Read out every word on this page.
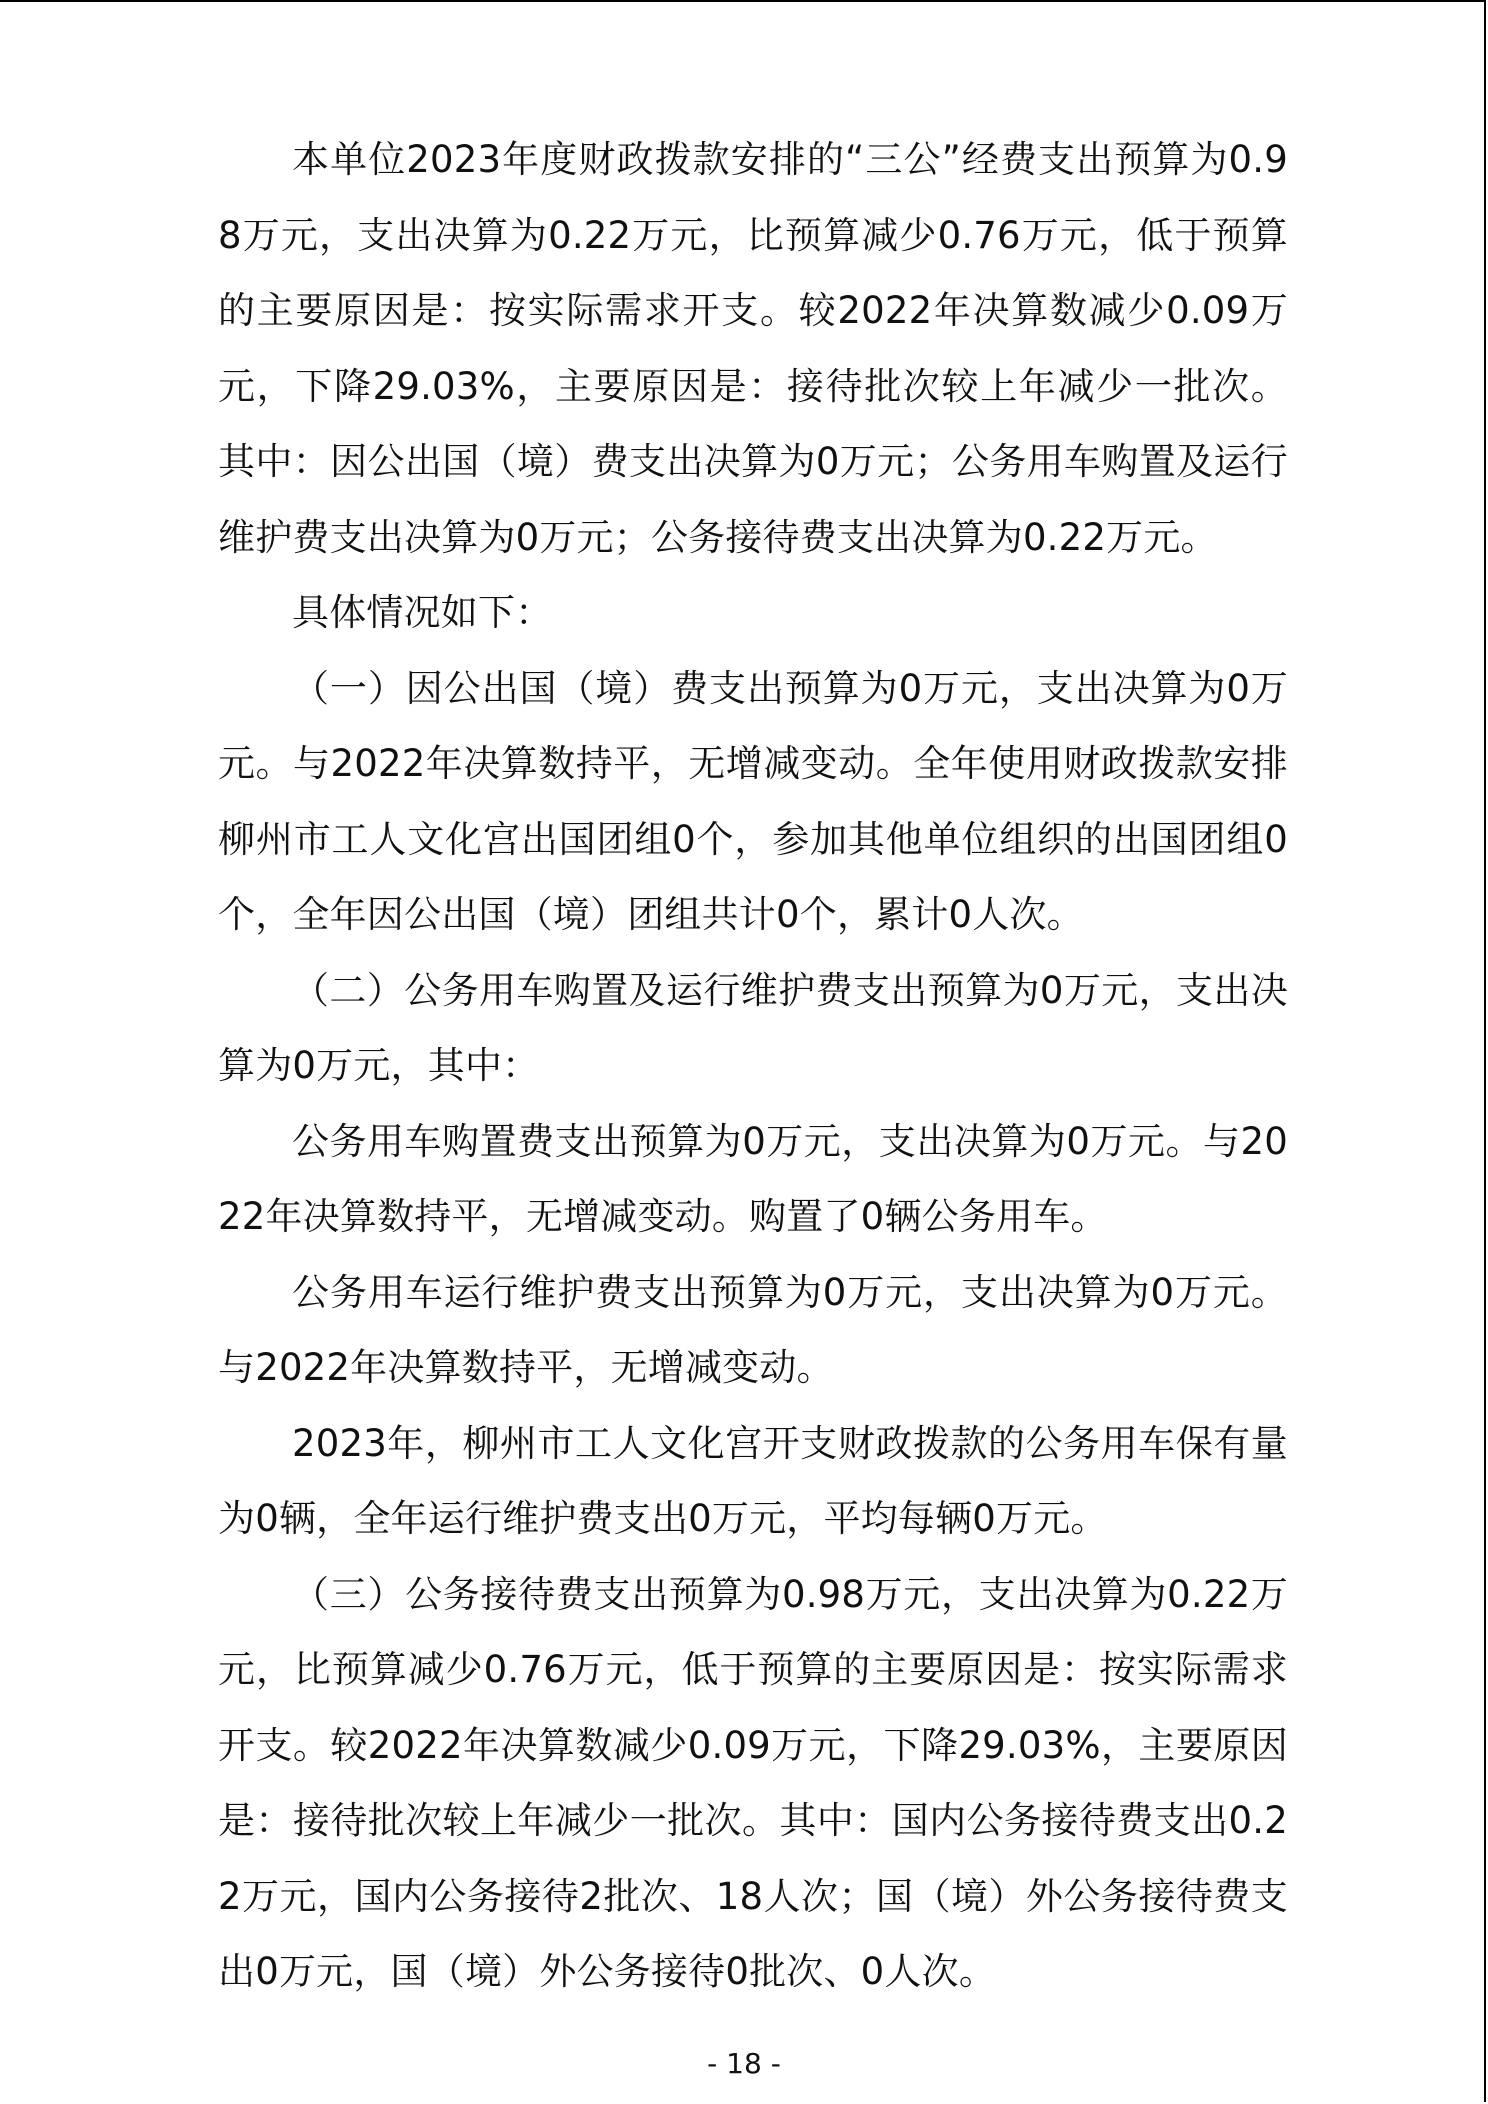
本单位2023年度财政拨款安排的“三公”经费支出预算为0.98万元，支出决算为0.22万元，比预算减少0.76万元，低于预算的主要原因是：按实际需求开支。较2022年决算数减少0.09万元，下降29.03%，主要原因是：接待批次较上年减少一批次。其中：因公出国（境）费支出决算为0万元；公务用车购置及运行维护费支出决算为0万元；公务接待费支出决算为0.22万元。

具体情况如下：

（一）因公出国（境）费支出预算为0万元，支出决算为0万元。与2022年决算数持平，无增减变动。全年使用财政拨款安排柳州市工人文化宫出国团组0个，参加其他单位组织的出国团组0个，全年因公出国（境）团组共计0个，累计0人次。

（二）公务用车购置及运行维护费支出预算为0万元，支出决算为0万元，其中：

公务用车购置费支出预算为0万元，支出决算为0万元。与2022年决算数持平，无增减变动。购置了0辆公务用车。

公务用车运行维护费支出预算为0万元，支出决算为0万元。与2022年决算数持平，无增减变动。

2023年，柳州市工人文化宫开支财政拨款的公务用车保有量为0辆，全年运行维护费支出0万元，平均每辆0万元。

（三）公务接待费支出预算为0.98万元，支出决算为0.22万元，比预算减少0.76万元，低于预算的主要原因是：按实际需求开支。较2022年决算数减少0.09万元，下降29.03%，主要原因是：接待批次较上年减少一批次。其中：国内公务接待费支出0.22万元，国内公务接待2批次、18人次；国（境）外公务接待费支出0万元，国（境）外公务接待0批次、0人次。

- 18 -
